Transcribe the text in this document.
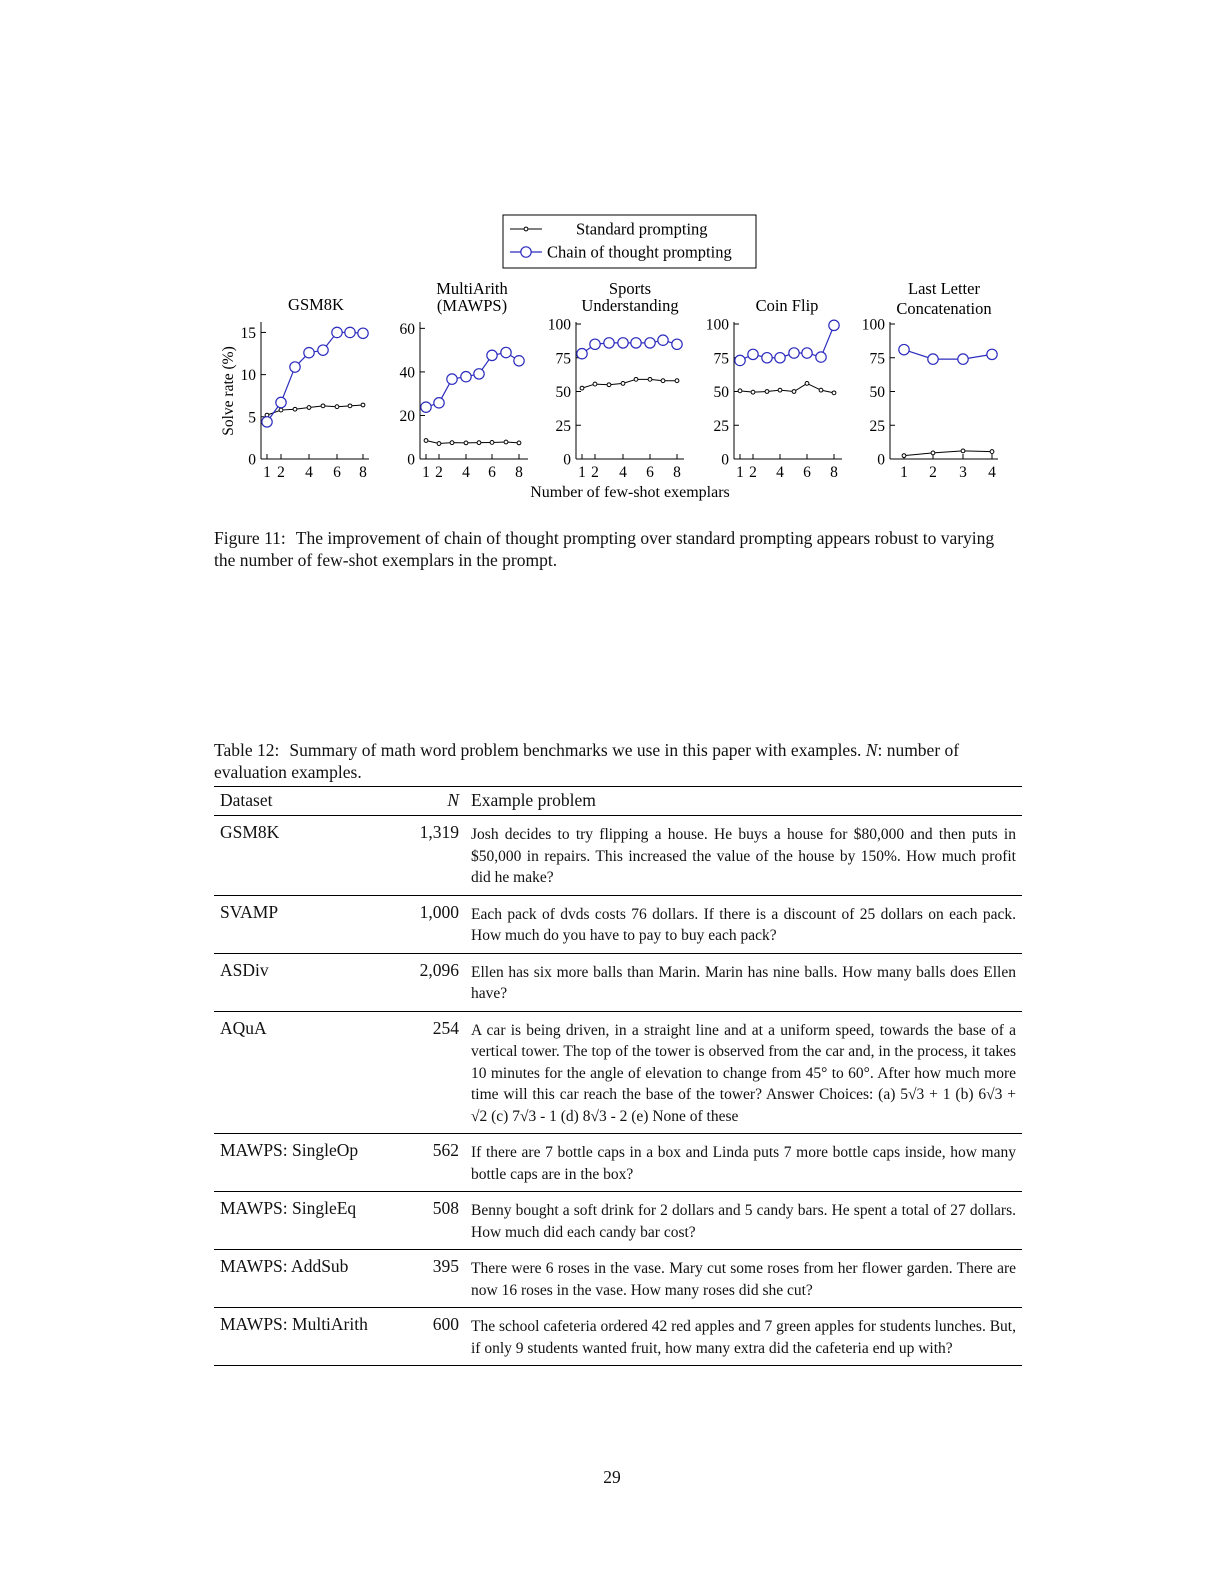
0
5
10
15
1 2 4 6 8
GSM8K
Solve rate (%)
0
20
40
60
1 2 4 6 8
MultiArith
(MAWPS)
0
25
50
75
100
1 2 4 6 8
Sports
Understanding
0
25
50
75
100
1 2 4 6 8
Coin Flip
0
25
50
75
100
1 2 3 4
Last Letter
Concatenation
Number of few-shot exemplars
Standard prompting
Chain of thought prompting
Figure 11: The improvement of chain of thought prompting over standard prompting appears robust to varying the number of few-shot exemplars in the prompt.
Table 12: Summary of math word problem benchmarks we use in this paper with examples. N: number of evaluation examples.
Dataset	N	Example problem
GSM8K	1,319	Josh decides to try flipping a house. He buys a house for $80,000 and then puts in $50,000 in repairs. This increased the value of the house by 150%. How much profit did he make?
SVAMP	1,000	Each pack of dvds costs 76 dollars. If there is a discount of 25 dollars on each pack. How much do you have to pay to buy each pack?
ASDiv	2,096	Ellen has six more balls than Marin. Marin has nine balls. How many balls does Ellen have?
AQuA	254	A car is being driven, in a straight line and at a uniform speed, towards the base of a vertical tower. The top of the tower is observed from the car and, in the process, it takes 10 minutes for the angle of elevation to change from 45° to 60°. After how much more time will this car reach the base of the tower? Answer Choices: (a) 5√3 + 1 (b) 6√3 + √2 (c) 7√3 - 1 (d) 8√3 - 2 (e) None of these
MAWPS: SingleOp	562	If there are 7 bottle caps in a box and Linda puts 7 more bottle caps inside, how many bottle caps are in the box?
MAWPS: SingleEq	508	Benny bought a soft drink for 2 dollars and 5 candy bars. He spent a total of 27 dollars. How much did each candy bar cost?
MAWPS: AddSub	395	There were 6 roses in the vase. Mary cut some roses from her flower garden. There are now 16 roses in the vase. How many roses did she cut?
MAWPS: MultiArith	600	The school cafeteria ordered 42 red apples and 7 green apples for students lunches. But, if only 9 students wanted fruit, how many extra did the cafeteria end up with?
29
